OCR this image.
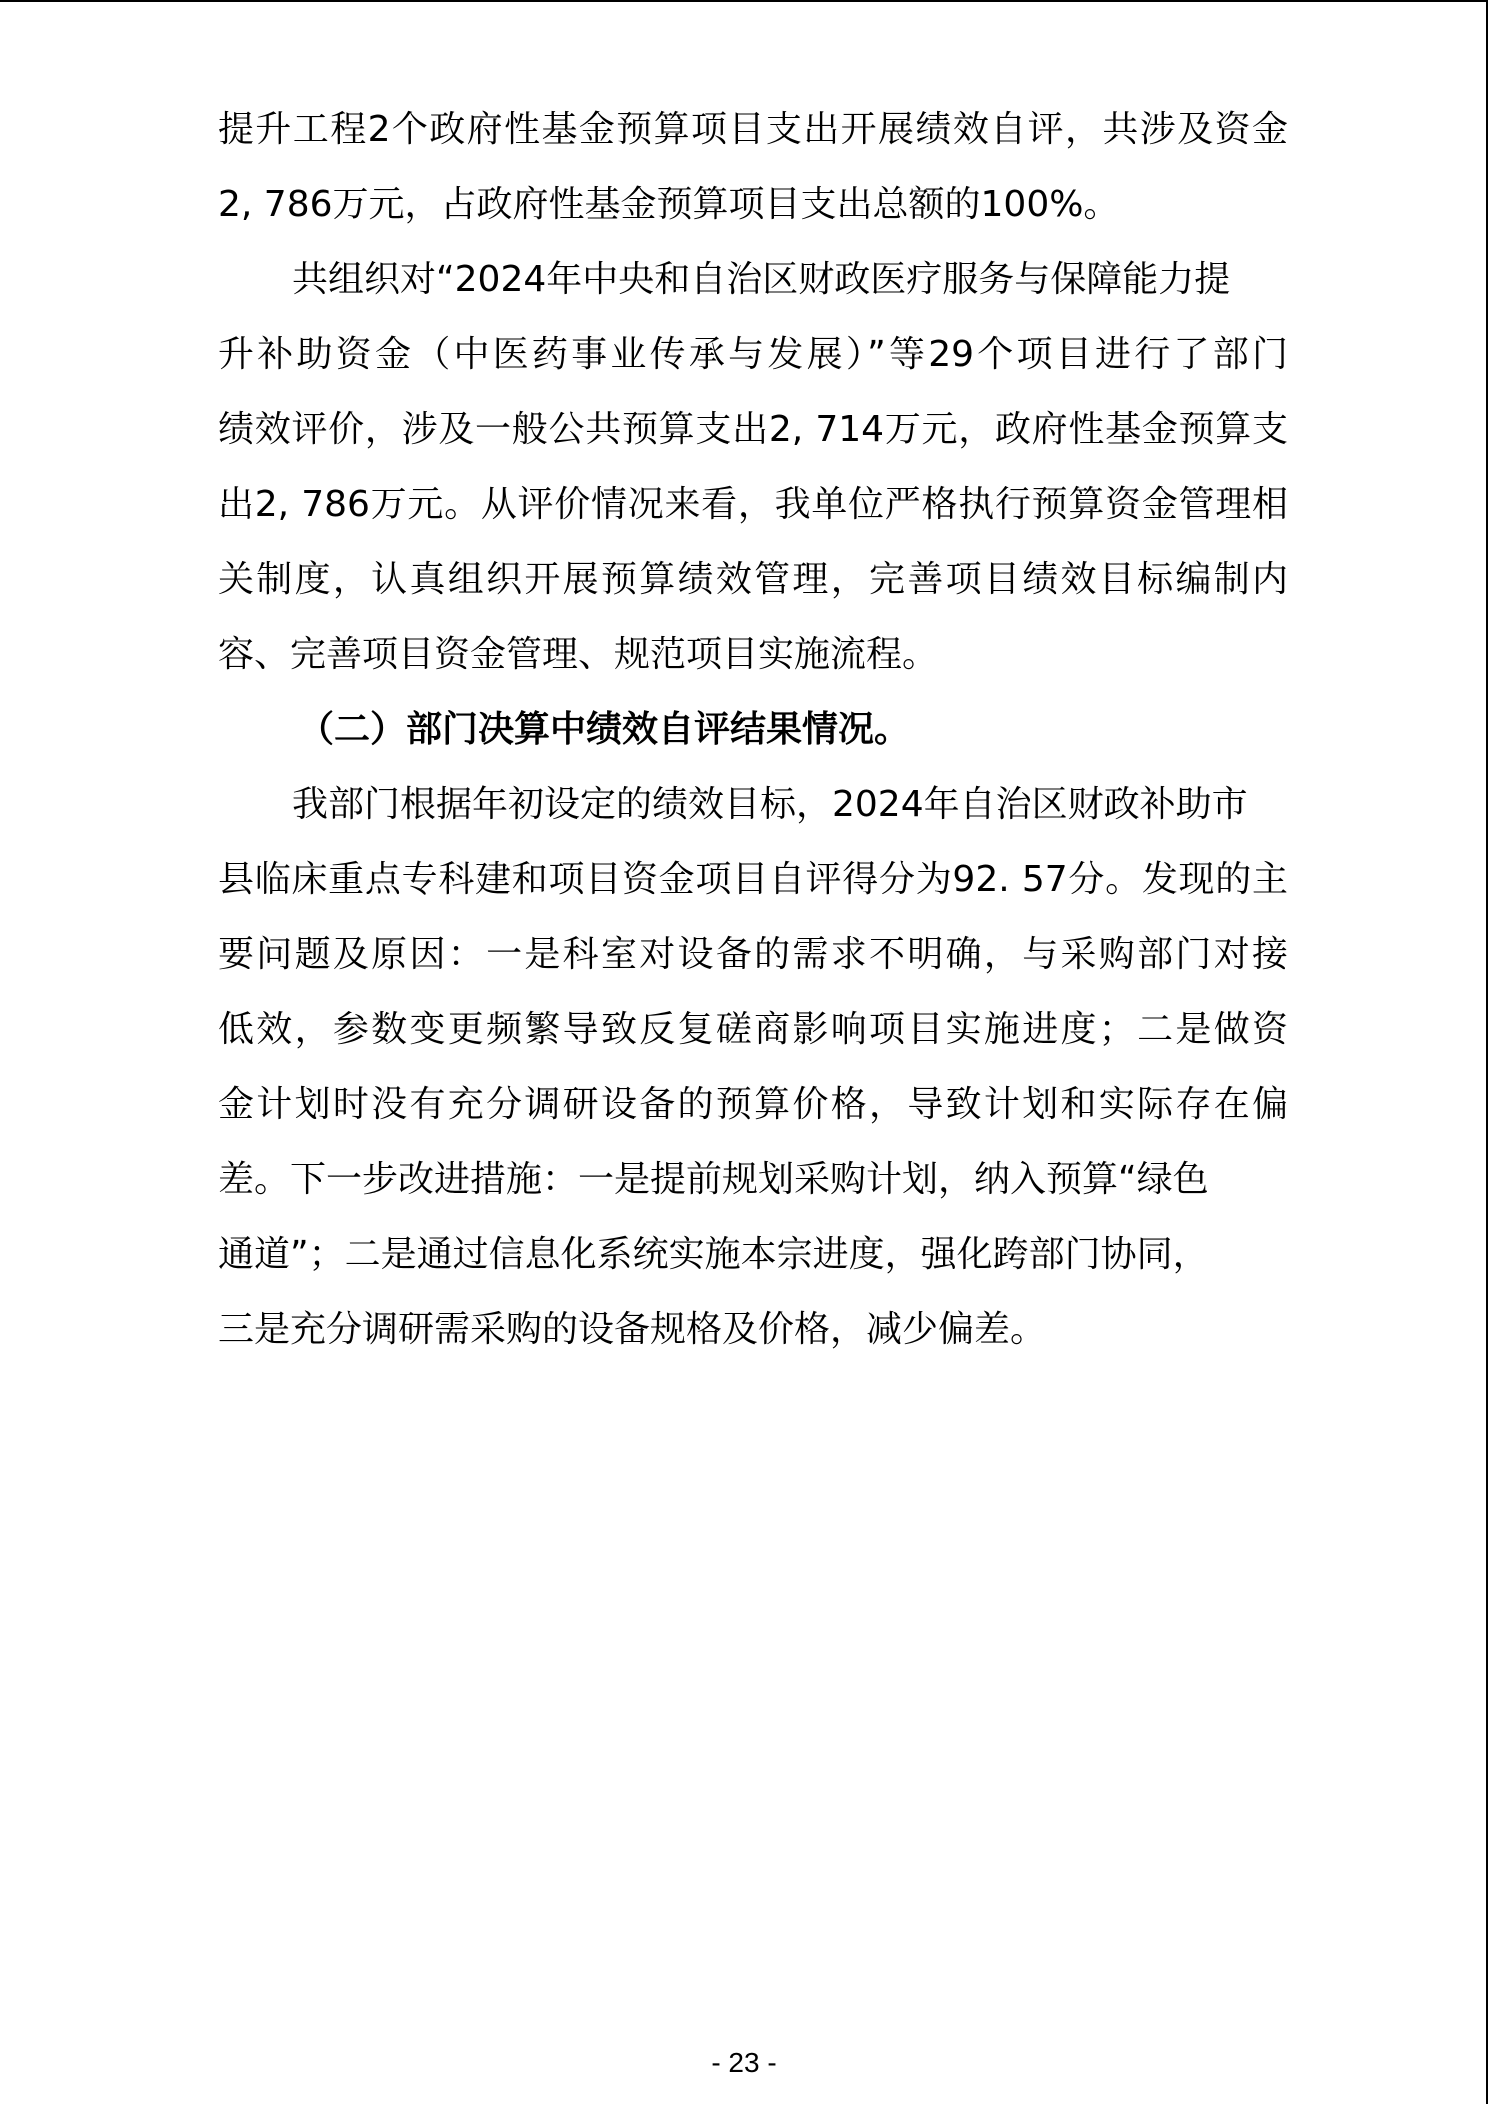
提升工程2个政府性基金预算项目支出开展绩效自评，共涉及资金
2, 786万元，占政府性基金预算项目支出总额的100%。
共组织对“2024年中央和自治区财政医疗服务与保障能力提
升补助资金（中医药事业传承与发展）”等29个项目进行了部门
绩效评价，涉及一般公共预算支出2, 714万元，政府性基金预算支
出2, 786万元。从评价情况来看，我单位严格执行预算资金管理相
关制度，认真组织开展预算绩效管理，完善项目绩效目标编制内
容、完善项目资金管理、规范项目实施流程。
（二）部门决算中绩效自评结果情况。
我部门根据年初设定的绩效目标，2024年自治区财政补助市
县临床重点专科建和项目资金项目自评得分为92. 57分。发现的主
要问题及原因：一是科室对设备的需求不明确，与采购部门对接
低效，参数变更频繁导致反复磋商影响项目实施进度；二是做资
金计划时没有充分调研设备的预算价格，导致计划和实际存在偏
差。下一步改进措施：一是提前规划采购计划，纳入预算“绿色
通道”；二是通过信息化系统实施本宗进度，强化跨部门协同，
三是充分调研需采购的设备规格及价格，减少偏差。
- 23 -
